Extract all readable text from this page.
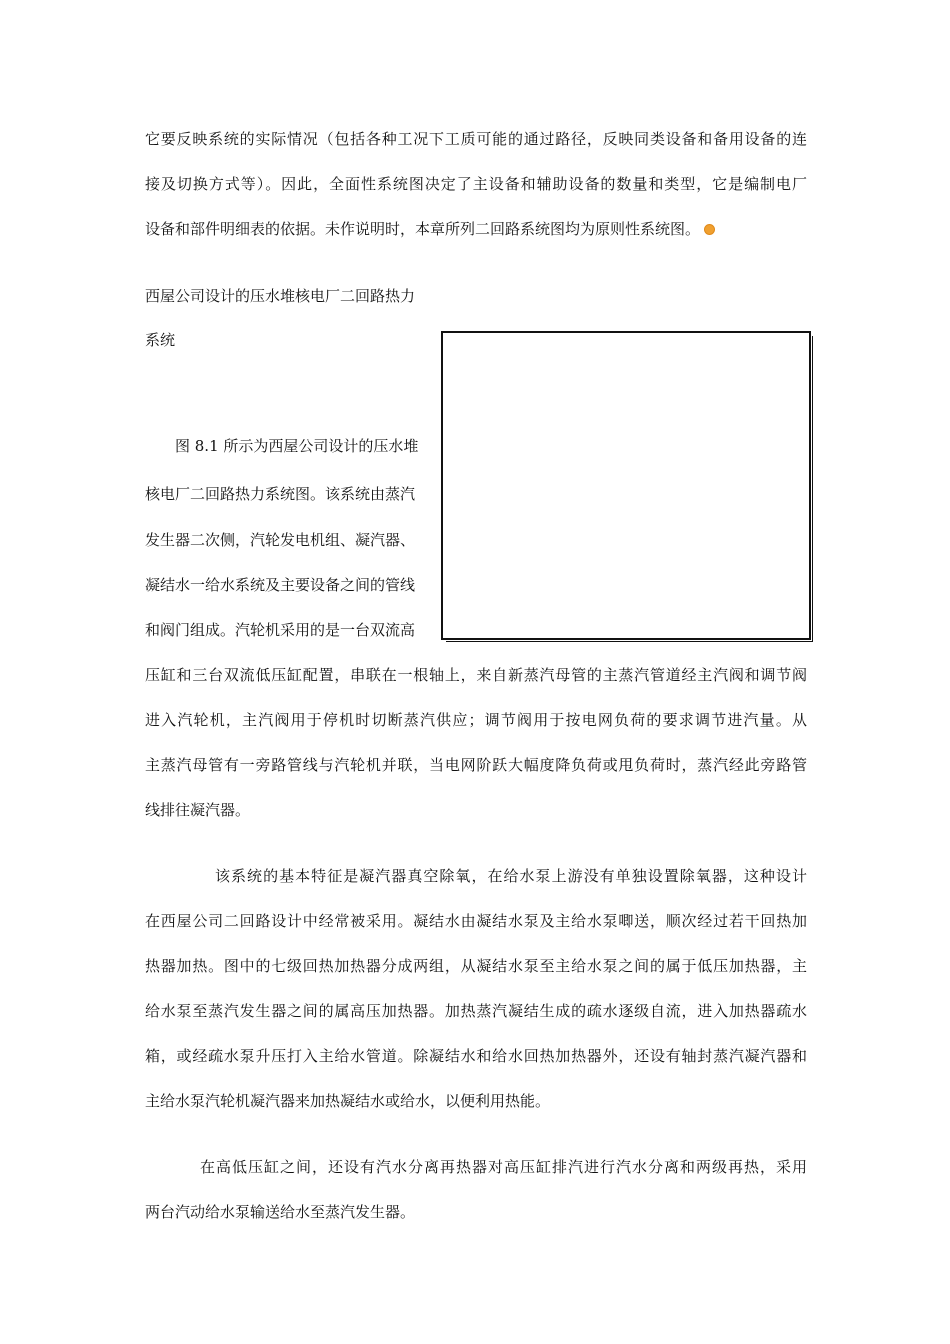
它要反映系统的实际情况（包括各种工况下工质可能的通过路径，反映同类设备和备用设备的连
接及切换方式等）。因此，全面性系统图决定了主设备和辅助设备的数量和类型，它是编制电厂
设备和部件明细表的依据。未作说明时，本章所列二回路系统图均为原则性系统图。
西屋公司设计的压水堆核电厂二回路热力
系统
图 8.1 所示为西屋公司设计的压水堆
核电厂二回路热力系统图。该系统由蒸汽
发生器二次侧，汽轮发电机组、凝汽器、
凝结水一给水系统及主要设备之间的管线
和阀门组成。汽轮机采用的是一台双流高
压缸和三台双流低压缸配置，串联在一根轴上，来自新蒸汽母管的主蒸汽管道经主汽阀和调节阀
进入汽轮机，主汽阀用于停机时切断蒸汽供应；调节阀用于按电网负荷的要求调节进汽量。从
主蒸汽母管有一旁路管线与汽轮机并联，当电网阶跃大幅度降负荷或甩负荷时，蒸汽经此旁路管
线排往凝汽器。
该系统的基本特征是凝汽器真空除氧，在给水泵上游没有单独设置除氧器，这种设计
在西屋公司二回路设计中经常被采用。凝结水由凝结水泵及主给水泵唧送，顺次经过若干回热加
热器加热。图中的七级回热加热器分成两组，从凝结水泵至主给水泵之间的属于低压加热器，主
给水泵至蒸汽发生器之间的属高压加热器。加热蒸汽凝结生成的疏水逐级自流，进入加热器疏水
箱，或经疏水泵升压打入主给水管道。除凝结水和给水回热加热器外，还设有轴封蒸汽凝汽器和
主给水泵汽轮机凝汽器来加热凝结水或给水，以便利用热能。
在高低压缸之间，还设有汽水分离再热器对高压缸排汽进行汽水分离和两级再热，采用
两台汽动给水泵输送给水至蒸汽发生器。
